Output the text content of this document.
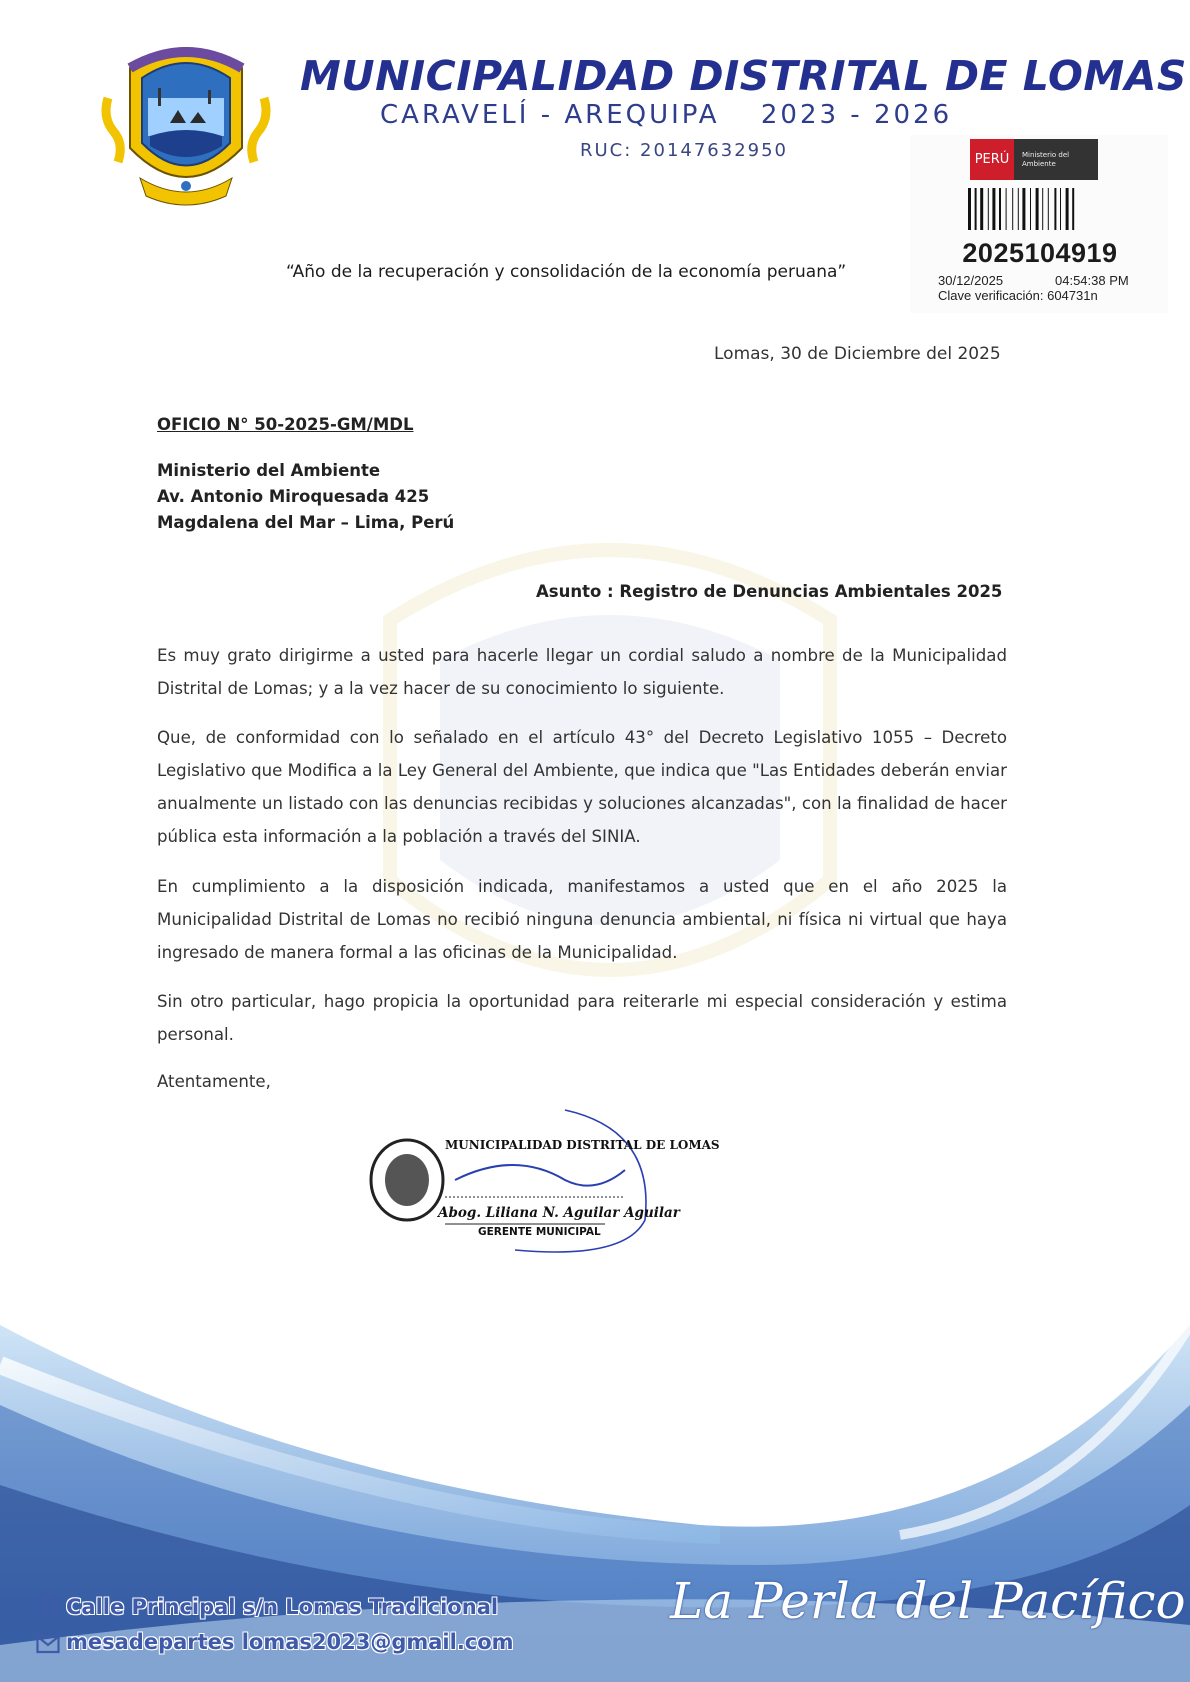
MUNICIPALIDAD DISTRITAL DE LOMAS
CARAVELÍ - AREQUIPA 2023 - 2026
RUC: 20147632950	PERÚ	Ministerio del Ambiente
2025104919
30/12/2025	04:54:38 PM
Clave verificación: 604731n
“Año de la recuperación y consolidación de la economía peruana”
Lomas, 30 de Diciembre del 2025
OFICIO N° 50-2025-GM/MDL
Ministerio del Ambiente
Av. Antonio Miroquesada 425
Magdalena del Mar – Lima, Perú
Asunto : Registro de Denuncias Ambientales 2025
Es muy grato dirigirme a usted para hacerle llegar un cordial saludo a nombre de la Municipalidad Distrital de Lomas; y a la vez hacer de su conocimiento lo siguiente.
Que, de conformidad con lo señalado en el artículo 43° del Decreto Legislativo 1055 – Decreto Legislativo que Modifica a la Ley General del Ambiente, que indica que "Las Entidades deberán enviar anualmente un listado con las denuncias recibidas y soluciones alcanzadas", con la finalidad de hacer pública esta información a la población a través del SINIA.
En cumplimiento a la disposición indicada, manifestamos a usted que en el año 2025 la Municipalidad Distrital de Lomas no recibió ninguna denuncia ambiental, ni física ni virtual que haya ingresado de manera formal a las oficinas de la Municipalidad.
Sin otro particular, hago propicia la oportunidad para reiterarle mi especial consideración y estima personal.
Atentamente,
MUNICIPALIDAD DISTRITAL DE LOMAS
Abog. Liliana N. Aguilar Aguilar
GERENTE MUNICIPAL
Calle Principal s/n Lomas Tradicional
mesadepartes lomas2023@gmail.com
La Perla del Pacífico
